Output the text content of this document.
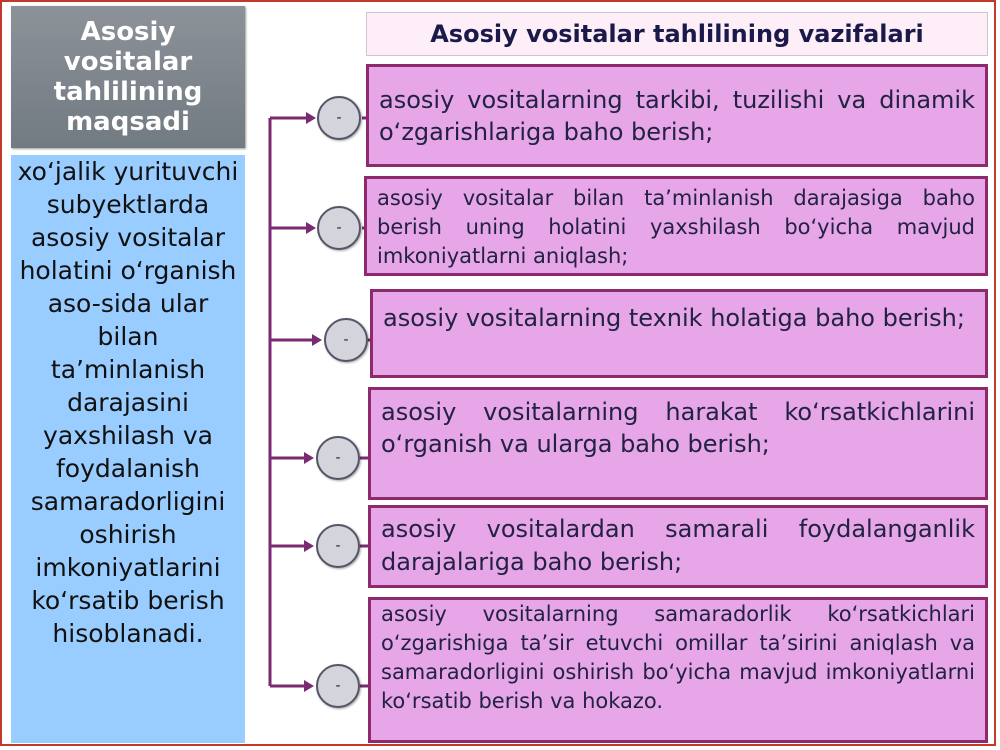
Asosiy vositalar tahlilining maqsadi
xo‘jalik yurituvchi subyektlarda asosiy vositalar holatini o‘rganish aso-sida ular bilan ta’minlanish darajasini yaxshilash va foydalanish samaradorligini oshirish imkoniyatlarini ko‘rsatib berish hisoblanadi.
Asosiy vositalar tahlilining vazifalari
-
-
-
-
-
-
asosiy vositalarning tarkibi, tuzilishi va dinamik o‘zgarishlariga baho berish;
asosiy vositalar bilan ta’minlanish darajasiga baho berish uning holatini yaxshilash bo‘yicha mavjud imkoniyatlarni aniqlash;
asosiy vositalarning texnik holatiga baho berish;
asosiy vositalarning harakat ko‘rsatkichlarini o‘rganish va ularga baho berish;
asosiy vositalardan samarali foydalanganlik darajalariga baho berish;
asosiy vositalarning samaradorlik ko‘rsatkichlari o‘zgarishiga ta’sir etuvchi omillar ta’sirini aniqlash va samaradorligini oshirish bo‘yicha mavjud imkoniyatlarni ko‘rsatib berish va hokazo.
